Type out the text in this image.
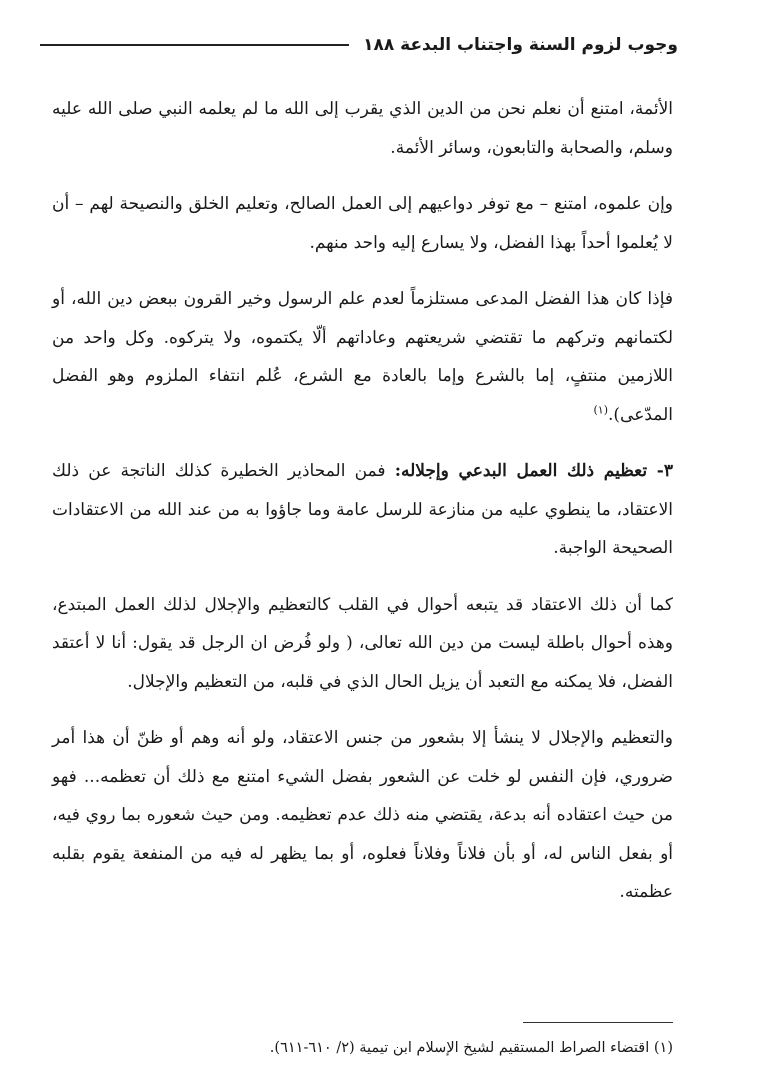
وجوب لزوم السنة واجتناب البدعة ١٨٨

الأئمة، امتنع أن نعلم نحن من الدين الذي يقرب إلى الله ما لم يعلمه النبي صلى الله عليه وسلم، والصحابة والتابعون، وسائر الأئمة.

وإن علموه، امتنع – مع توفر دواعيهم إلى العمل الصالح، وتعليم الخلق والنصيحة لهم – أن لا يُعلموا أحداً بهذا الفضل، ولا يسارع إليه واحد منهم.

فإذا كان هذا الفضل المدعى مستلزماً لعدم علم الرسول وخير القرون ببعض دين الله، أو لكتمانهم وتركهم ما تقتضي شريعتهم وعاداتهم ألّا يكتموه، ولا يتركوه. وكل واحد من اللازمين منتفٍ، إما بالشرع وإما بالعادة مع الشرع، عُلم انتفاء الملزوم وهو الفضل المدّعى).$^{(١)}$

٣- تعظيم ذلك العمل البدعي وإجلاله: فمن المحاذير الخطيرة كذلك الناتجة عن ذلك الاعتقاد، ما ينطوي عليه من منازعة للرسل عامة وما جاؤوا به من عند الله من الاعتقادات الصحيحة الواجبة.

كما أن ذلك الاعتقاد قد يتبعه أحوال في القلب كالتعظيم والإجلال لذلك العمل المبتدع، وهذه أحوال باطلة ليست من دين الله تعالى، ( ولو فُرض ان الرجل قد يقول: أنا لا أعتقد الفضل، فلا يمكنه مع التعبد أن يزيل الحال الذي في قلبه، من التعظيم والإجلال.

والتعظيم والإجلال لا ينشأ إلا بشعور من جنس الاعتقاد، ولو أنه وهم أو ظنّ أن هذا أمر ضروري، فإن النفس لو خلت عن الشعور بفضل الشيء امتنع مع ذلك أن تعظمه... فهو من حيث اعتقاده أنه بدعة، يقتضي منه ذلك عدم تعظيمه. ومن حيث شعوره بما روي فيه، أو بفعل الناس له، أو بأن فلاناً وفلاناً فعلوه، أو بما يظهر له فيه من المنفعة يقوم بقلبه عظمته.

(١) اقتضاء الصراط المستقيم لشيخ الإسلام ابن تيمية (٢/ ٦١٠-٦١١).
